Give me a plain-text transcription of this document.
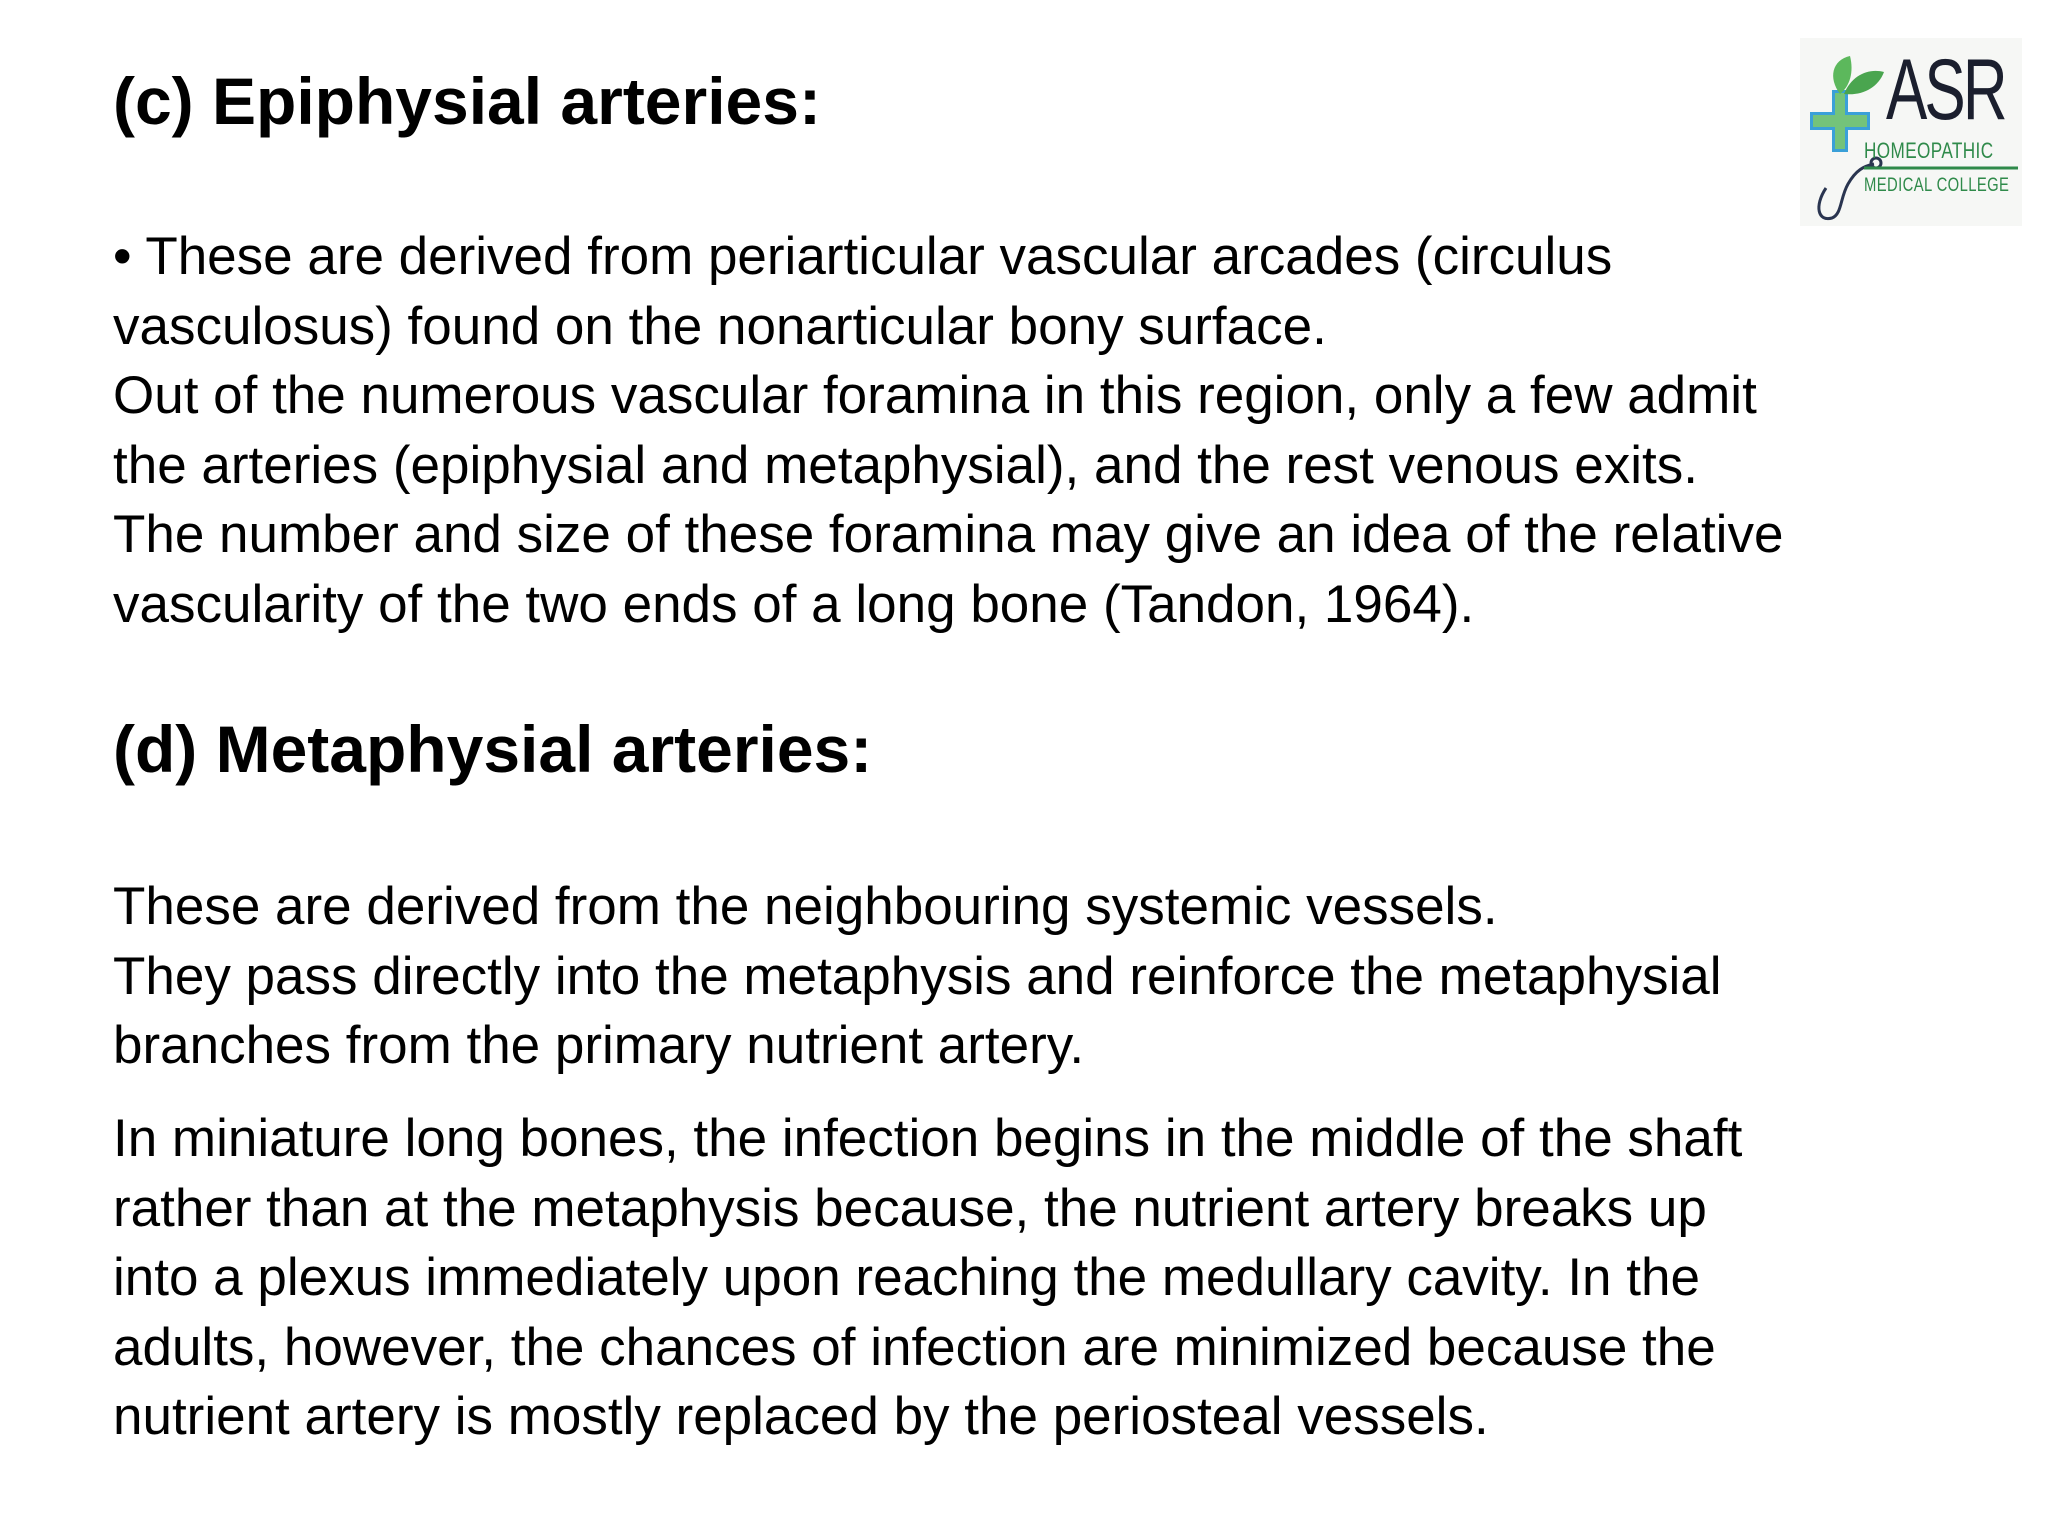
(c) Epiphysial arteries:

• These are derived from periarticular vascular arcades (circulus
vasculosus) found on the nonarticular bony surface.
Out of the numerous vascular foramina in this region, only a few admit
the arteries (epiphysial and metaphysial), and the rest venous exits.
The number and size of these foramina may give an idea of the relative
vascularity of the two ends of a long bone (Tandon, 1964).

(d) Metaphysial arteries:

These are derived from the neighbouring systemic vessels.
They pass directly into the metaphysis and reinforce the metaphysial
branches from the primary nutrient artery.

In miniature long bones, the infection begins in the middle of the shaft
rather than at the metaphysis because, the nutrient artery breaks up
into a plexus immediately upon reaching the medullary cavity. In the
adults, however, the chances of infection are minimized because the
nutrient artery is mostly replaced by the periosteal vessels.

ASR
HOMEOPATHIC
MEDICAL COLLEGE
